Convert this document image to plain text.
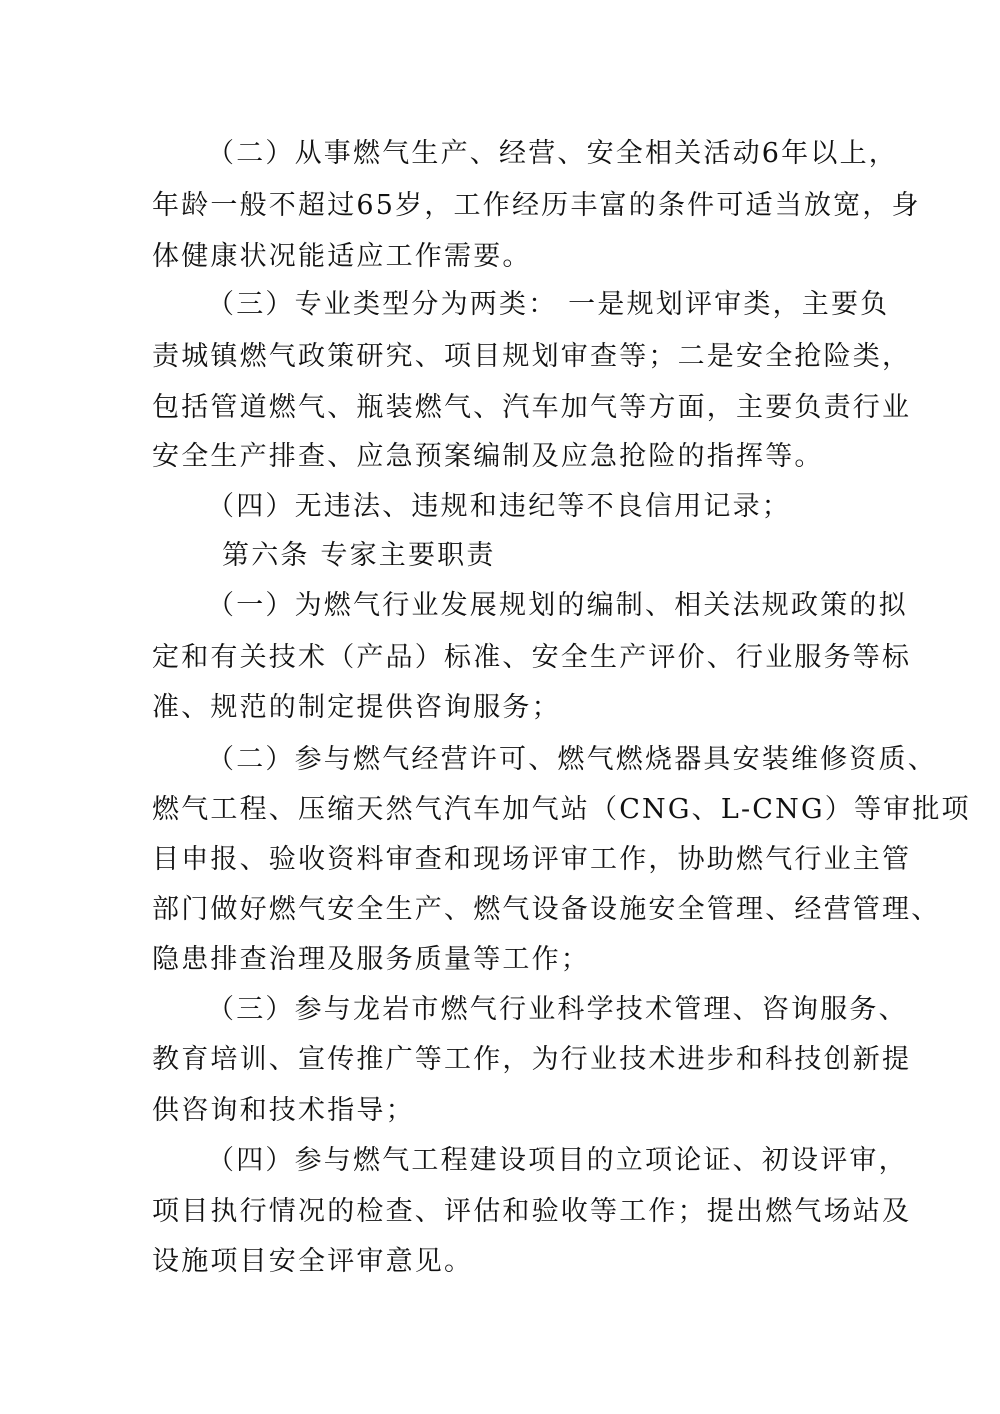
（二）从事燃气生产、经营、安全相关活动6年以上，
年龄一般不超过65岁，工作经历丰富的条件可适当放宽，身
体健康状况能适应工作需要。
（三）专业类型分为两类： 一是规划评审类，主要负
责城镇燃气政策研究、项目规划审查等；二是安全抢险类，
包括管道燃气、瓶装燃气、汽车加气等方面，主要负责行业
安全生产排查、应急预案编制及应急抢险的指挥等。
（四）无违法、违规和违纪等不良信用记录；
第六条 专家主要职责
（一）为燃气行业发展规划的编制、相关法规政策的拟
定和有关技术（产品）标准、安全生产评价、行业服务等标
准、规范的制定提供咨询服务；
（二）参与燃气经营许可、燃气燃烧器具安装维修资质、
燃气工程、压缩天然气汽车加气站（CNG、L-CNG）等审批项
目申报、验收资料审查和现场评审工作，协助燃气行业主管
部门做好燃气安全生产、燃气设备设施安全管理、经营管理、
隐患排查治理及服务质量等工作；
（三）参与龙岩市燃气行业科学技术管理、咨询服务、
教育培训、宣传推广等工作，为行业技术进步和科技创新提
供咨询和技术指导；
（四）参与燃气工程建设项目的立项论证、初设评审，
项目执行情况的检查、评估和验收等工作；提出燃气场站及
设施项目安全评审意见。
